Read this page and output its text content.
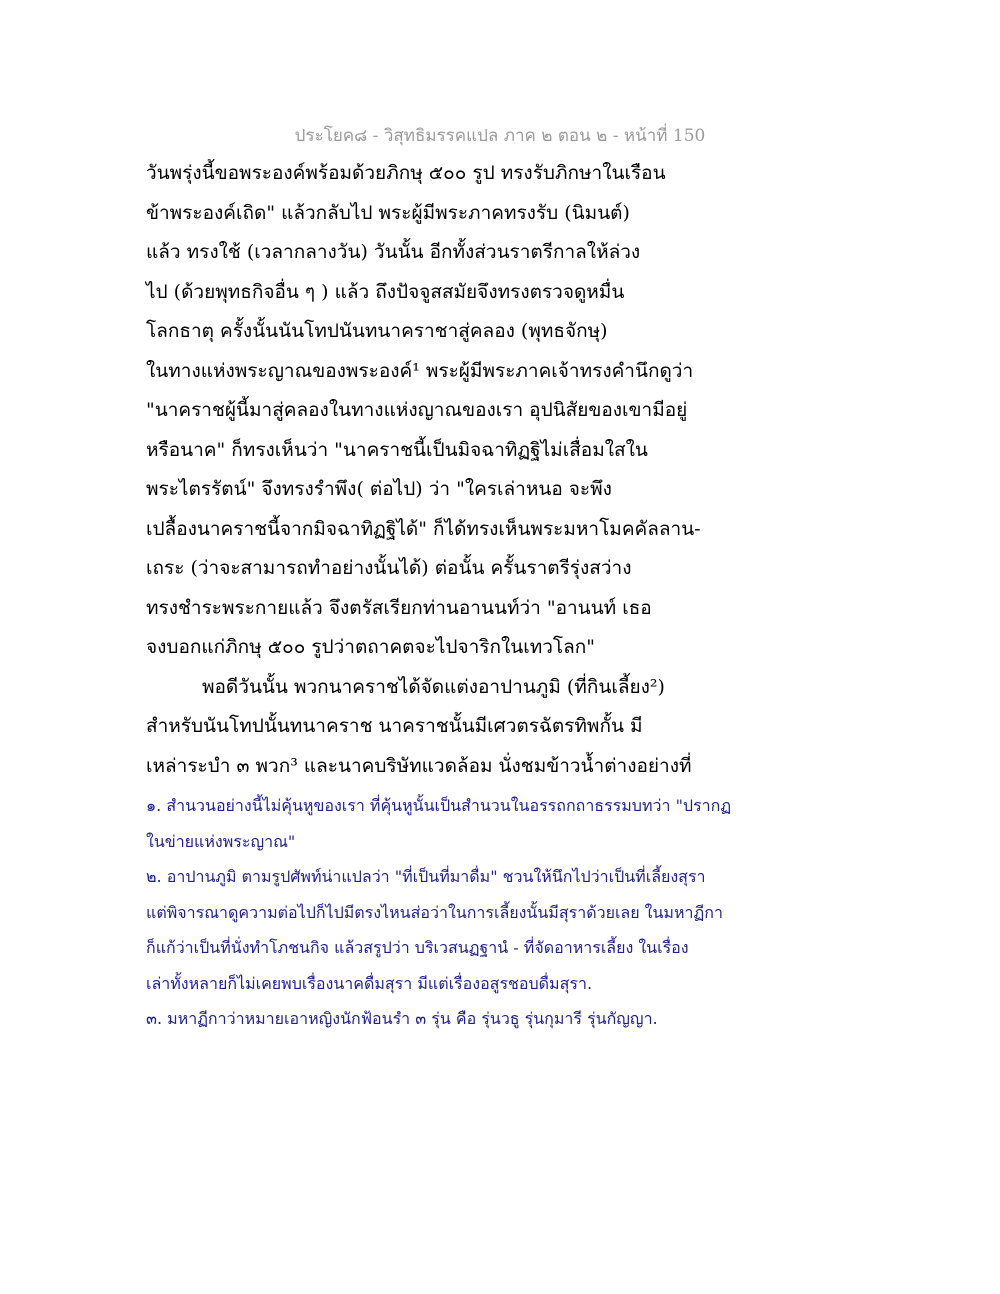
ประโยค๘ - วิสุทธิมรรคแปล ภาค ๒ ตอน ๒ - หน้าที่ 150
วันพรุ่งนี้ขอพระองค์พร้อมด้วยภิกษุ ๕๐๐ รูป ทรงรับภิกษาในเรือน
ข้าพระองค์เถิด" แล้วกลับไป พระผู้มีพระภาคทรงรับ (นิมนต์)
แล้ว ทรงใช้ (เวลากลางวัน) วันนั้น อีกทั้งส่วนราตรีกาลให้ล่วง
ไป (ด้วยพุทธกิจอื่น ๆ ) แล้ว ถึงปัจจูสสมัยจึงทรงตรวจดูหมื่น
โลกธาตุ ครั้งนั้นนันโทปนันทนาคราชาสู่คลอง (พุทธจักษุ)
ในทางแห่งพระญาณของพระองค์¹ พระผู้มีพระภาคเจ้าทรงคำนึกดูว่า
"นาคราชผู้นี้มาสู่คลองในทางแห่งญาณของเรา อุปนิสัยของเขามีอยู่
หรือนาค" ก็ทรงเห็นว่า "นาคราชนี้เป็นมิจฉาทิฏฐิไม่เสื่อมใสใน
พระไตรรัตน์" จึงทรงรำพึง( ต่อไป) ว่า "ใครเล่าหนอ จะพึง
เปลื้องนาคราชนี้จากมิจฉาทิฏฐิได้" ก็ได้ทรงเห็นพระมหาโมคคัลลาน-
เถระ (ว่าจะสามารถทำอย่างนั้นได้) ต่อนั้น ครั้นราตรีรุ่งสว่าง
ทรงชำระพระกายแล้ว จึงตรัสเรียกท่านอานนท์ว่า "อานนท์ เธอ
จงบอกแก่ภิกษุ ๕๐๐ รูปว่าตถาคตจะไปจาริกในเทวโลก"
พอดีวันนั้น พวกนาคราชได้จัดแต่งอาปานภูมิ (ที่กินเลี้ยง²)
สำหรับนันโทปนั้นทนาคราช นาคราชนั้นมีเศวตรฉัตรทิพกั้น มี
เหล่าระบำ ๓ พวก³ และนาคบริษัทแวดล้อม นั่งชมข้าวน้ำต่างอย่างที่
๑. สำนวนอย่างนี้ไม่คุ้นหูของเรา ที่คุ้นหูนั้นเป็นสำนวนในอรรถกถาธรรมบทว่า "ปรากฏ
ในข่ายแห่งพระญาณ"
๒. อาปานภูมิ ตามรูปศัพท์น่าแปลว่า "ที่เป็นที่มาดื่ม" ชวนให้นึกไปว่าเป็นที่เลี้ยงสุรา
แต่พิจารณาดูความต่อไปก็ไปมีตรงไหนส่อว่าในการเลี้ยงนั้นมีสุราด้วยเลย ในมหาฏีกา
ก็แก้ว่าเป็นที่นั่งทำโภชนกิจ แล้วสรูปว่า บริเวสนฏฐานํ - ที่จัดอาหารเลี้ยง ในเรื่อง
เล่าทั้งหลายก็ไม่เคยพบเรื่องนาคดื่มสุรา มีแต่เรื่องอสูรชอบดื่มสุรา.
๓. มหาฏีกาว่าหมายเอาหญิงนักฟ้อนรำ ๓ รุ่น คือ รุ่นวธู รุ่นกุมารี รุ่นกัญญา.
